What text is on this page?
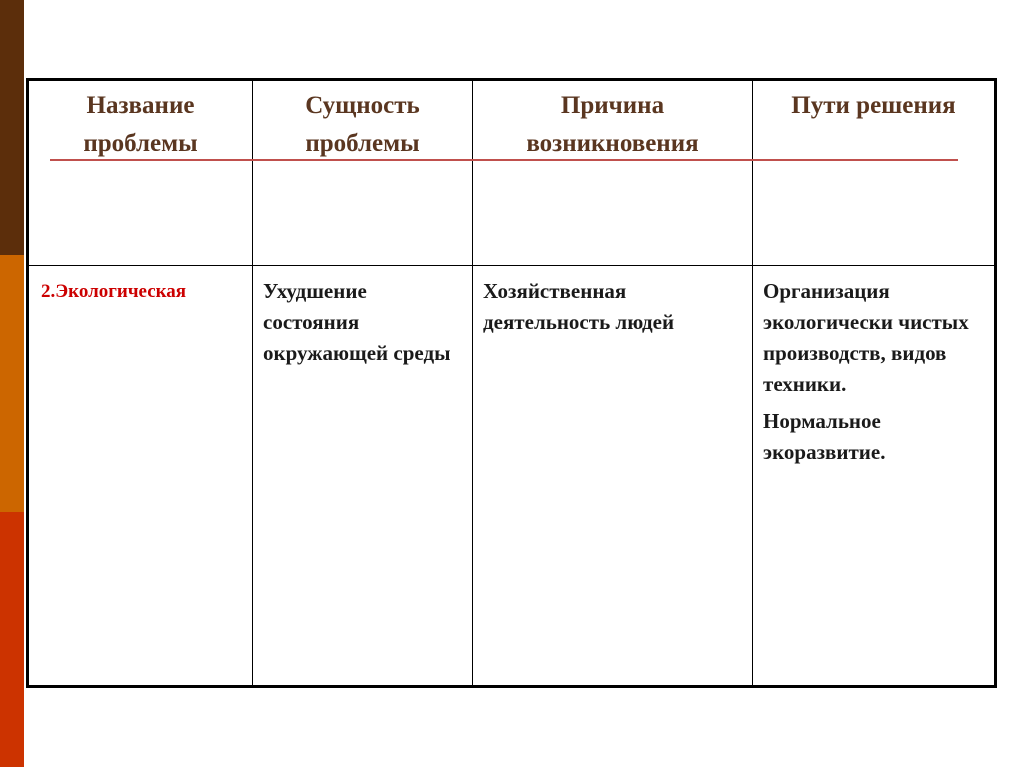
Название проблемы	Сущность проблемы	Причина возникновения	Пути решения
2.Экологическая	Ухудшение состояния окружающей среды	Хозяйственная деятельность людей	Организация экологически чистых производств, видов техники.

Нормальное экоразвитие.
